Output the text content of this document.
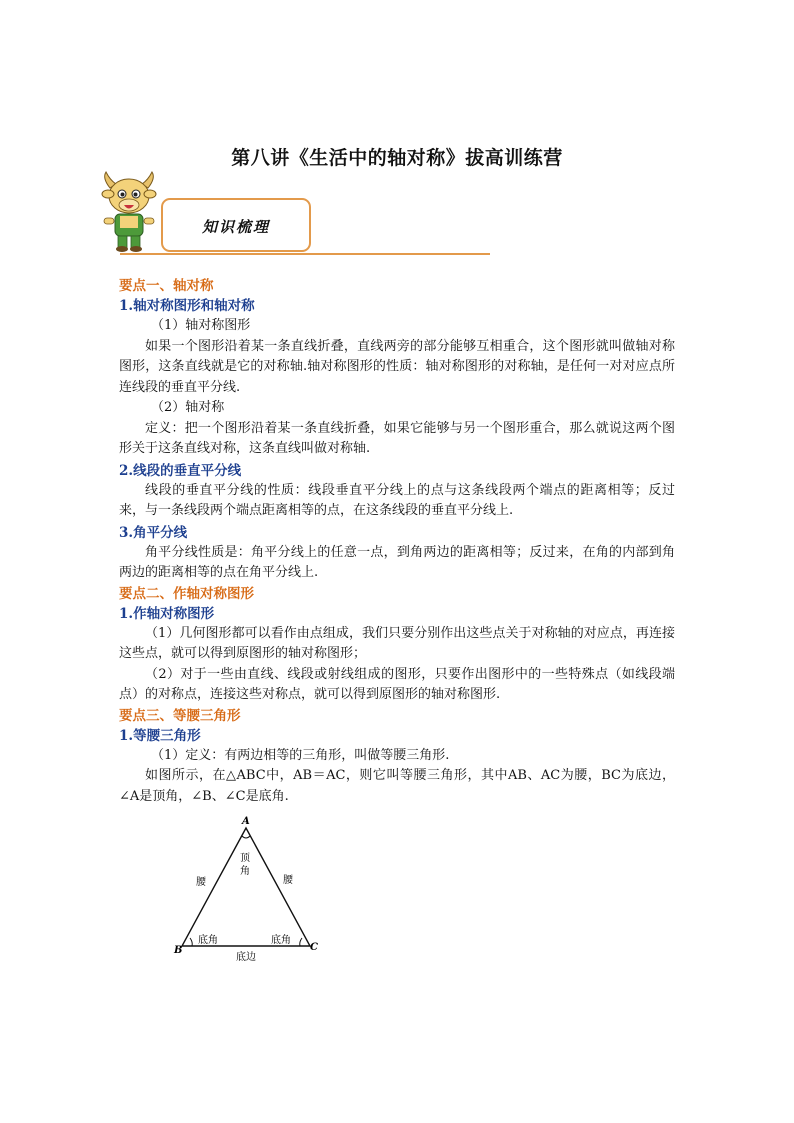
第八讲《生活中的轴对称》拔高训练营
知识梳理
要点一、轴对称
1.轴对称图形和轴对称
（1）轴对称图形
如果一个图形沿着某一条直线折叠，直线两旁的部分能够互相重合，这个图形就叫做轴对称图形，这条直线就是它的对称轴.轴对称图形的性质：轴对称图形的对称轴，是任何一对对应点所连线段的垂直平分线.
（2）轴对称
定义：把一个图形沿着某一条直线折叠，如果它能够与另一个图形重合，那么就说这两个图形关于这条直线对称，这条直线叫做对称轴.
2.线段的垂直平分线
线段的垂直平分线的性质：线段垂直平分线上的点与这条线段两个端点的距离相等；反过来，与一条线段两个端点距离相等的点，在这条线段的垂直平分线上.
3.角平分线
角平分线性质是：角平分线上的任意一点，到角两边的距离相等；反过来，在角的内部到角两边的距离相等的点在角平分线上.
要点二、作轴对称图形
1.作轴对称图形
（1）几何图形都可以看作由点组成，我们只要分别作出这些点关于对称轴的对应点，再连接这些点，就可以得到原图形的轴对称图形；
（2）对于一些由直线、线段或射线组成的图形，只要作出图形中的一些特殊点（如线段端点）的对称点，连接这些对称点，就可以得到原图形的轴对称图形.
要点三、等腰三角形
1.等腰三角形
（1）定义：有两边相等的三角形，叫做等腰三角形.
如图所示，在△ABC中，AB＝AC，则它叫等腰三角形，其中AB、AC为腰，BC为底边，∠A是顶角，∠B、∠C是底角.
A
B	C
顶
角
腰	腰
底角	底角
底边
